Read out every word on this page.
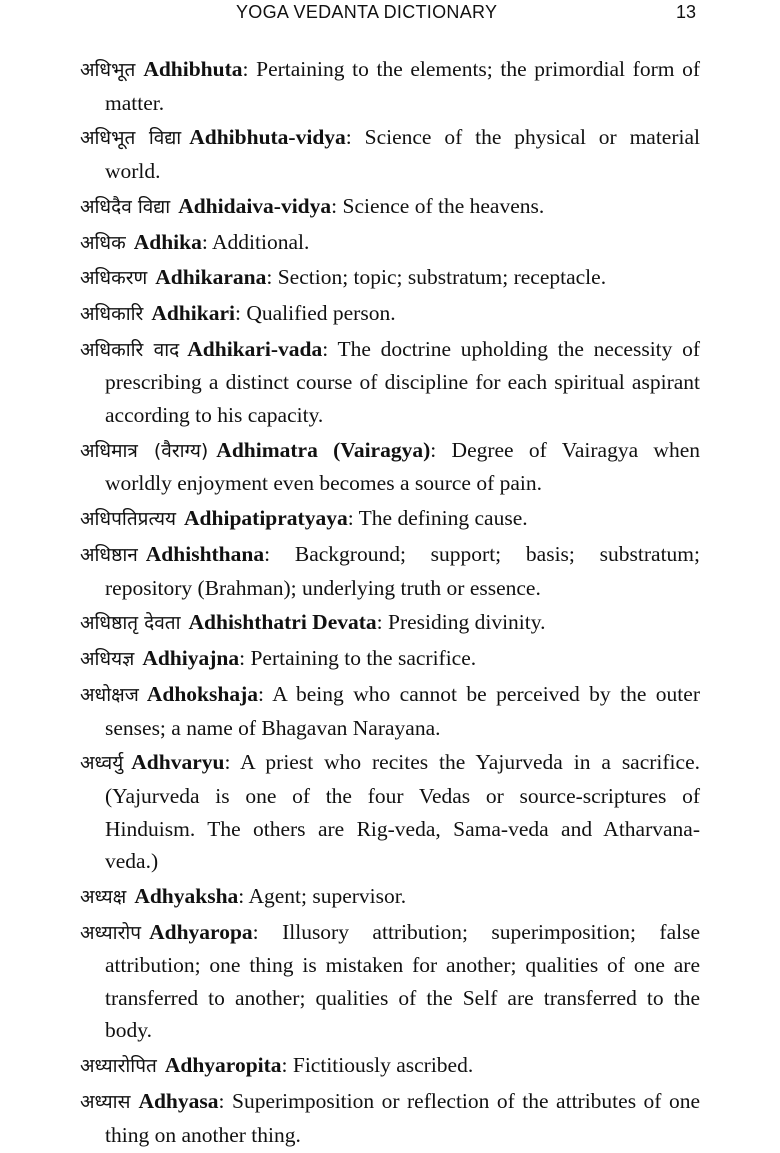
YOGA VEDANTA DICTIONARY	13

अधिभूत Adhibhuta: Pertaining to the elements; the primordial form of matter.

अधिभूत विद्या Adhibhuta-vidya: Science of the physical or material world.

अधिदैव विद्या Adhidaiva-vidya: Science of the heavens.

अधिक Adhika: Additional.

अधिकरण Adhikarana: Section; topic; substratum; receptacle.

अधिकारि Adhikari: Qualified person.

अधिकारि वाद Adhikari-vada: The doctrine upholding the necessity of prescribing a distinct course of discipline for each spiritual aspirant according to his capacity.

अधिमात्र (वैराग्य) Adhimatra (Vairagya): Degree of Vairagya when worldly enjoyment even becomes a source of pain.

अधिपतिप्रत्यय Adhipatipratyaya: The defining cause.

अधिष्ठान Adhishthana: Background; support; basis; substratum; repository (Brahman); underlying truth or essence.

अधिष्ठातृ देवता Adhishthatri Devata: Presiding divinity.

अधियज्ञ Adhiyajna: Pertaining to the sacrifice.

अधोक्षज Adhokshaja: A being who cannot be perceived by the outer senses; a name of Bhagavan Narayana.

अध्वर्यु Adhvaryu: A priest who recites the Yajurveda in a sacrifice. (Yajurveda is one of the four Vedas or source-scriptures of Hinduism. The others are Rig-veda, Sama-veda and Atharvana-veda.)

अध्यक्ष Adhyaksha: Agent; supervisor.

अध्यारोप Adhyaropa: Illusory attribution; superimposition; false attribution; one thing is mistaken for another; qualities of one are transferred to another; qualities of the Self are transferred to the body.

अध्यारोपित Adhyaropita: Fictitiously ascribed.

अध्यास Adhyasa: Superimposition or reflection of the attributes of one thing on another thing.
